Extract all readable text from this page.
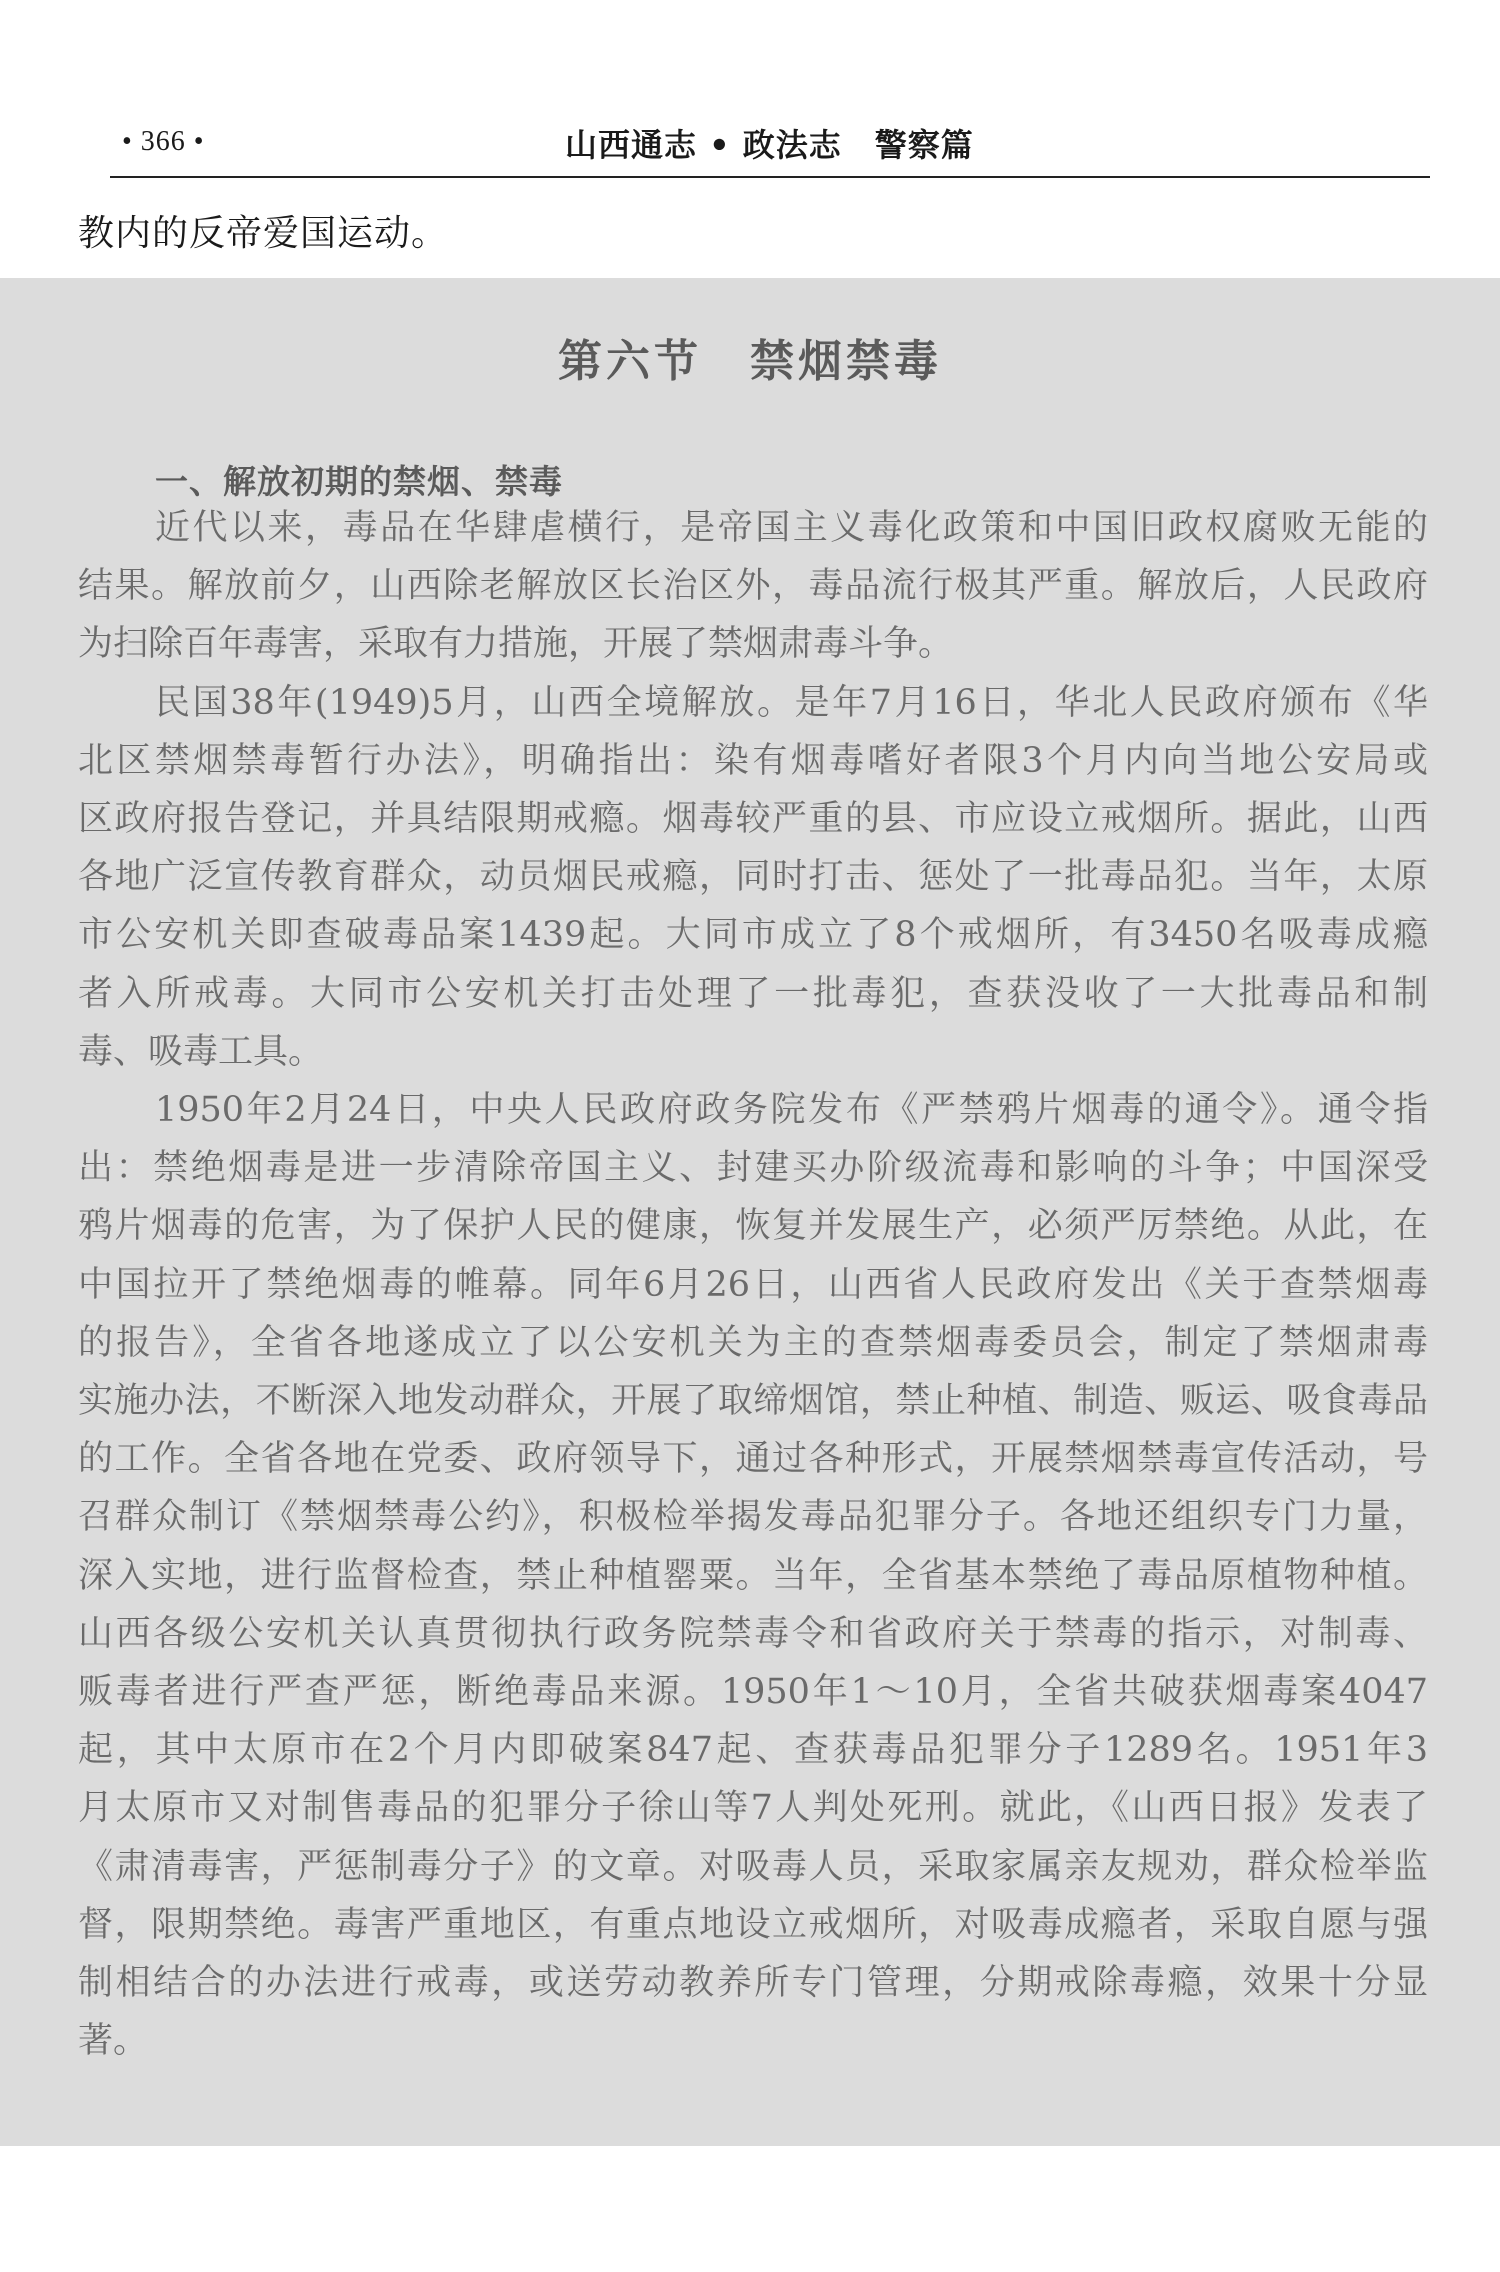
• 366 •	山西通志 • 政法志　警察篇
教内的反帝爱国运动。
第六节　禁烟禁毒
一、解放初期的禁烟、禁毒
近代以来，毒品在华肆虐横行，是帝国主义毒化政策和中国旧政权腐败无能的
结果。解放前夕，山西除老解放区长治区外，毒品流行极其严重。解放后，人民政府
为扫除百年毒害，采取有力措施，开展了禁烟肃毒斗争。
民国38年(1949)5月，山西全境解放。是年7月16日，华北人民政府颁布《华
北区禁烟禁毒暂行办法》，明确指出：染有烟毒嗜好者限3个月内向当地公安局或
区政府报告登记，并具结限期戒瘾。烟毒较严重的县、市应设立戒烟所。据此，山西
各地广泛宣传教育群众，动员烟民戒瘾，同时打击、惩处了一批毒品犯。当年，太原
市公安机关即查破毒品案1439起。大同市成立了8个戒烟所，有3450名吸毒成瘾
者入所戒毒。大同市公安机关打击处理了一批毒犯，查获没收了一大批毒品和制
毒、吸毒工具。
1950年2月24日，中央人民政府政务院发布《严禁鸦片烟毒的通令》。通令指
出：禁绝烟毒是进一步清除帝国主义、封建买办阶级流毒和影响的斗争；中国深受
鸦片烟毒的危害，为了保护人民的健康，恢复并发展生产，必须严厉禁绝。从此，在
中国拉开了禁绝烟毒的帷幕。同年6月26日，山西省人民政府发出《关于查禁烟毒
的报告》，全省各地遂成立了以公安机关为主的查禁烟毒委员会，制定了禁烟肃毒
实施办法，不断深入地发动群众，开展了取缔烟馆，禁止种植、制造、贩运、吸食毒品
的工作。全省各地在党委、政府领导下，通过各种形式，开展禁烟禁毒宣传活动，号
召群众制订《禁烟禁毒公约》，积极检举揭发毒品犯罪分子。各地还组织专门力量，
深入实地，进行监督检查，禁止种植罂粟。当年，全省基本禁绝了毒品原植物种植。
山西各级公安机关认真贯彻执行政务院禁毒令和省政府关于禁毒的指示，对制毒、
贩毒者进行严查严惩，断绝毒品来源。1950年1～10月，全省共破获烟毒案4047
起，其中太原市在2个月内即破案847起、查获毒品犯罪分子1289名。1951年3
月太原市又对制售毒品的犯罪分子徐山等7人判处死刑。就此，《山西日报》发表了
《肃清毒害，严惩制毒分子》的文章。对吸毒人员，采取家属亲友规劝，群众检举监
督，限期禁绝。毒害严重地区，有重点地设立戒烟所，对吸毒成瘾者，采取自愿与强
制相结合的办法进行戒毒，或送劳动教养所专门管理，分期戒除毒瘾，效果十分显
著。
